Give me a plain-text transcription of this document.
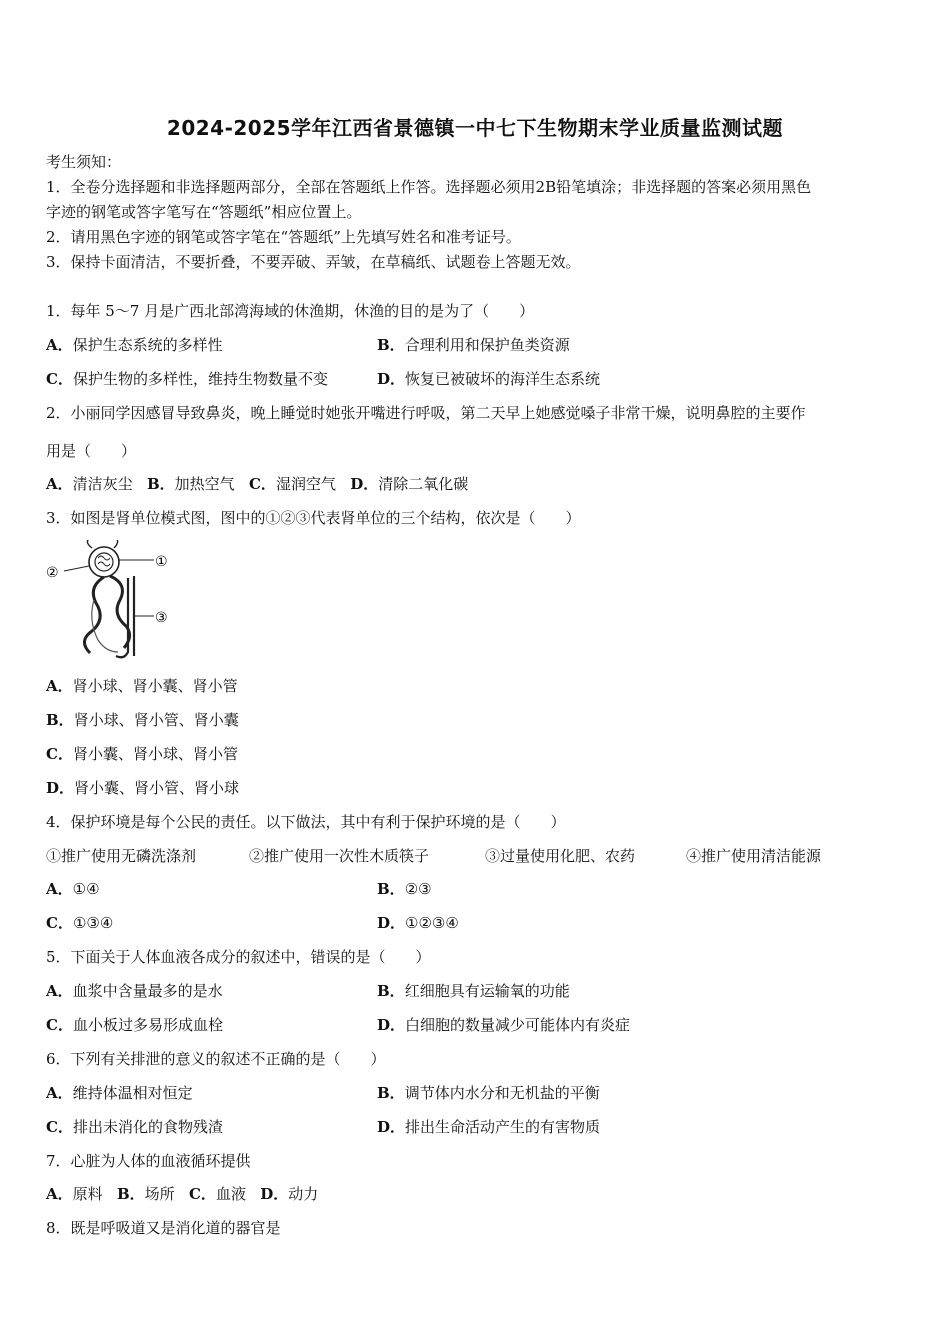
2024-2025学年江西省景德镇一中七下生物期末学业质量监测试题
考生须知：
1．全卷分选择题和非选择题两部分，全部在答题纸上作答。选择题必须用2B铅笔填涂；非选择题的答案必须用黑色
字迹的钢笔或答字笔写在“答题纸”相应位置上。
2．请用黑色字迹的钢笔或答字笔在“答题纸”上先填写姓名和准考证号。
3．保持卡面清洁，不要折叠，不要弄破、弄皱，在草稿纸、试题卷上答题无效。
1．每年 5～7 月是广西北部湾海域的休渔期，休渔的目的是为了（　　）
A．保护生态系统的多样性	B．合理利用和保护鱼类资源
C．保护生物的多样性，维持生物数量不变	D．恢复已被破坏的海洋生态系统
2．小丽同学因感冒导致鼻炎，晚上睡觉时她张开嘴进行呼吸，第二天早上她感觉嗓子非常干燥，说明鼻腔的主要作
用是（　　）
A．清洁灰尘 B．加热空气 C．湿润空气 D．清除二氧化碳
3．如图是肾单位模式图，图中的①②③代表肾单位的三个结构，依次是（　　）
①
②
③
A．肾小球、肾小囊、肾小管
B．肾小球、肾小管、肾小囊
C．肾小囊、肾小球、肾小管
D．肾小囊、肾小管、肾小球
4．保护环境是每个公民的责任。以下做法，其中有利于保护环境的是（　　）
①推广使用无磷洗涤剂	②推广使用一次性木质筷子	③过量使用化肥、农药	④推广使用清洁能源
A．①④	B．②③
C．①③④	D．①②③④
5．下面关于人体血液各成分的叙述中，错误的是（　　）
A．血浆中含量最多的是水	B．红细胞具有运输氧的功能
C．血小板过多易形成血栓	D．白细胞的数量减少可能体内有炎症
6．下列有关排泄的意义的叙述不正确的是（　　）
A．维持体温相对恒定	B．调节体内水分和无机盐的平衡
C．排出未消化的食物残渣	D．排出生命活动产生的有害物质
7．心脏为人体的血液循环提供
A．原料 B．场所 C．血液 D．动力
8．既是呼吸道又是消化道的器官是
